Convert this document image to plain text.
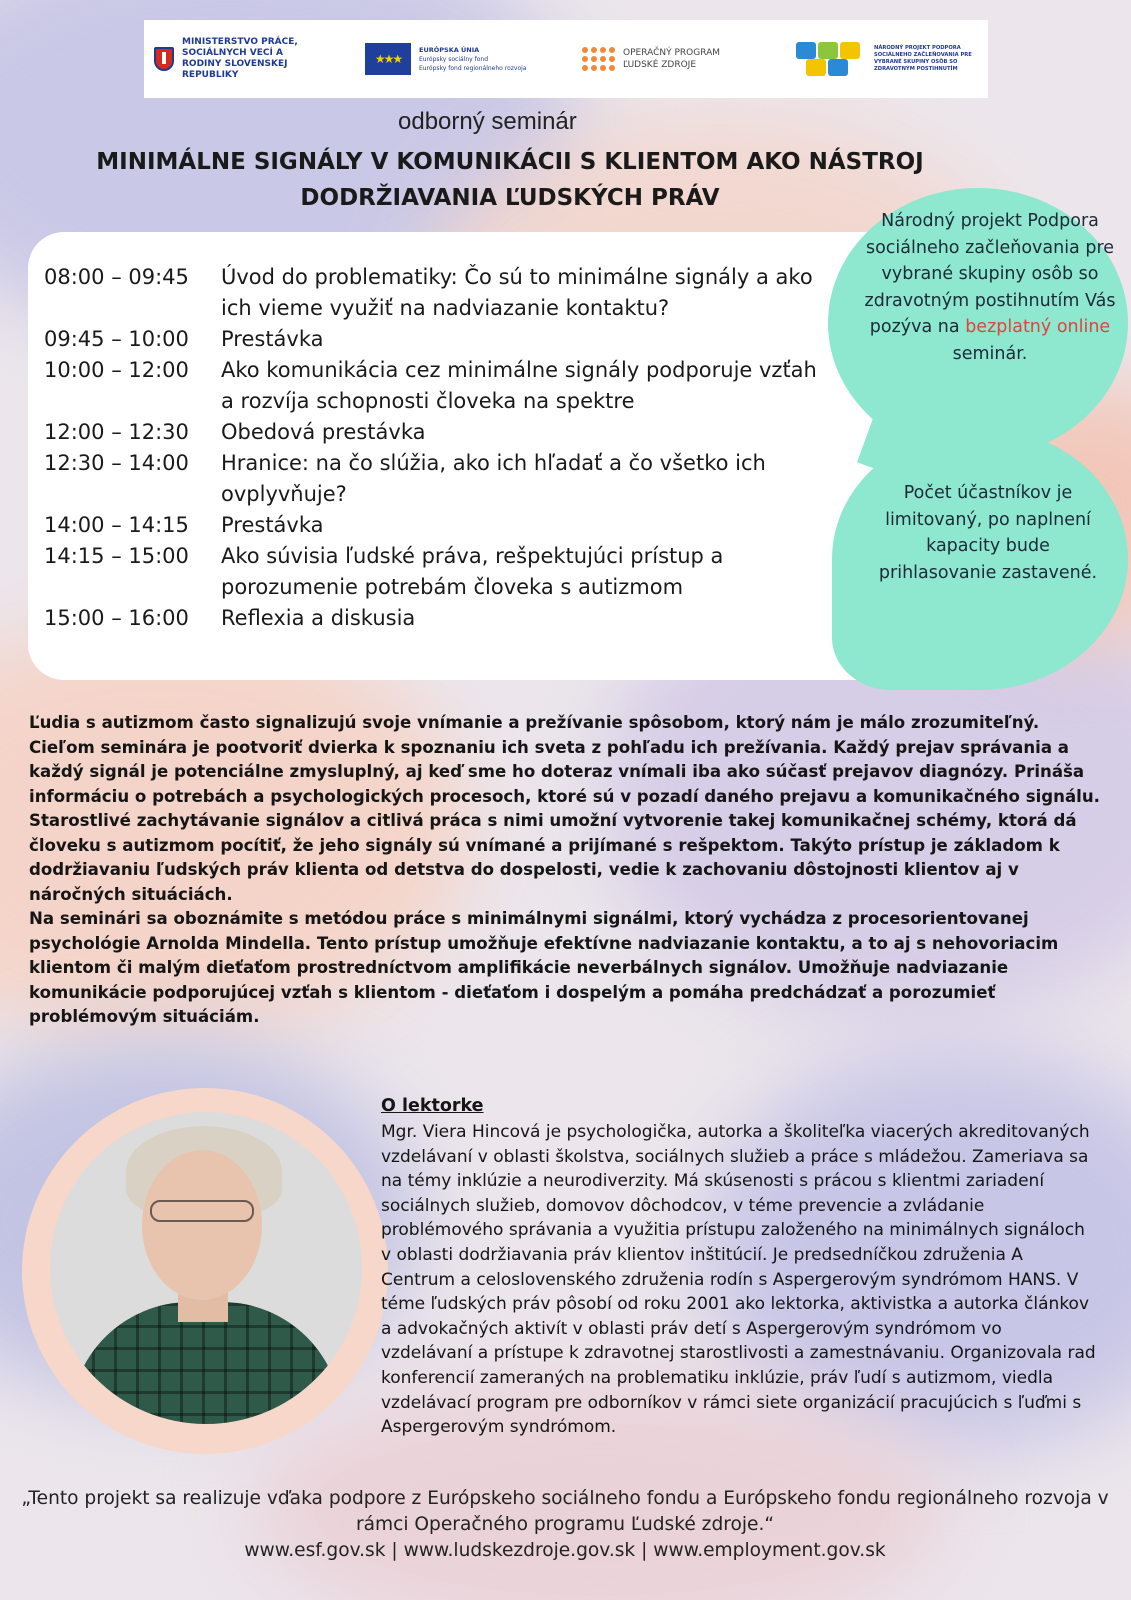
MINISTERSTVO PRÁCE, SOCIÁLNYCH VECÍ A RODINY SLOVENSKEJ REPUBLIKY
★★★
EURÓPSKA ÚNIA
Európsky sociálny fond
Európsky fond regionálneho rozvoja
OPERAČNÝ PROGRAM
ĽUDSKÉ ZDROJE
NÁRODNÝ PROJEKT PODPORA SOCIÁLNEHO ZAČLEŇOVANIA PRE VYBRANÉ SKUPINY OSÔB SO ZDRAVOTNÝM POSTIHNUTÍM
odborný seminár
MINIMÁLNE SIGNÁLY V KOMUNIKÁCII S KLIENTOM AKO NÁSTROJ
DODRŽIAVANIA ĽUDSKÝCH PRÁV
08:00 – 09:45	Úvod do problematiky: Čo sú to minimálne signály a ako ich vieme využiť na nadviazanie kontaktu?
09:45 – 10:00	Prestávka
10:00 – 12:00	Ako komunikácia cez minimálne signály podporuje vzťah a rozvíja schopnosti človeka na spektre
12:00 – 12:30	Obedová prestávka
12:30 – 14:00	Hranice: na čo slúžia, ako ich hľadať a čo všetko ich ovplyvňuje?
14:00 – 14:15	Prestávka
14:15 – 15:00	Ako súvisia ľudské práva, rešpektujúci prístup a porozumenie potrebám človeka s autizmom
15:00 – 16:00	Reflexia a diskusia
Národný projekt Podpora sociálneho začleňovania pre vybrané skupiny osôb so zdravotným postihnutím Vás pozýva na bezplatný online seminár.
Počet účastníkov je limitovaný, po naplnení kapacity bude prihlasovanie zastavené.

Ľudia s autizmom často signalizujú svoje vnímanie a prežívanie spôsobom, ktorý nám je málo zrozumiteľný. Cieľom seminára je pootvoriť dvierka k spoznaniu ich sveta z pohľadu ich prežívania. Každý prejav správania a každý signál je potenciálne zmysluplný, aj keď sme ho doteraz vnímali iba ako súčasť prejavov diagnózy. Prináša informáciu o potrebách a psychologických procesoch, ktoré sú v pozadí daného prejavu a komunikačného signálu. Starostlivé zachytávanie signálov a citlivá práca s nimi umožní vytvorenie takej komunikačnej schémy, ktorá dá človeku s autizmom pocítiť, že jeho signály sú vnímané a prijímané s rešpektom. Takýto prístup je základom k dodržiavaniu ľudských práv klienta od detstva do dospelosti, vedie k zachovaniu dôstojnosti klientov aj v náročných situáciách.

Na seminári sa oboznámite s metódou práce s minimálnymi signálmi, ktorý vychádza z procesorientovanej psychológie Arnolda Mindella. Tento prístup umožňuje efektívne nadviazanie kontaktu, a to aj s nehovoriacim klientom či malým dieťaťom prostredníctvom amplifikácie neverbálnych signálov. Umožňuje nadviazanie komunikácie podporujúcej vzťah s klientom - dieťaťom i dospelým a pomáha predchádzať a porozumieť problémovým situáciám.

O lektorke
Mgr. Viera Hincová je psychologička, autorka a školiteľka viacerých akreditovaných vzdelávaní v oblasti školstva, sociálnych služieb a práce s mládežou. Zameriava sa na témy inklúzie a neurodiverzity. Má skúsenosti s prácou s klientmi zariadení sociálnych služieb, domovov dôchodcov, v téme prevencie a zvládanie problémového správania a využitia prístupu založeného na minimálnych signáloch v oblasti dodržiavania práv klientov inštitúcií. Je predsedníčkou združenia A Centrum a celoslovenského združenia rodín s Aspergerovým syndrómom HANS. V téme ľudských práv pôsobí od roku 2001 ako lektorka, aktivistka a autorka článkov a advokačných aktivít v oblasti práv detí s Aspergerovým syndrómom vo vzdelávaní a prístupe k zdravotnej starostlivosti a zamestnávaniu. Organizovala rad konferencií zameraných na problematiku inklúzie, práv ľudí s autizmom, viedla vzdelávací program pre odborníkov v rámci siete organizácií pracujúcich s ľuďmi s Aspergerovým syndrómom.
„Tento projekt sa realizuje vďaka podpore z Európskeho sociálneho fondu a Európskeho fondu regionálneho rozvoja v rámci Operačného programu Ľudské zdroje.“
www.esf.gov.sk | www.ludskezdroje.gov.sk | www.employment.gov.sk
